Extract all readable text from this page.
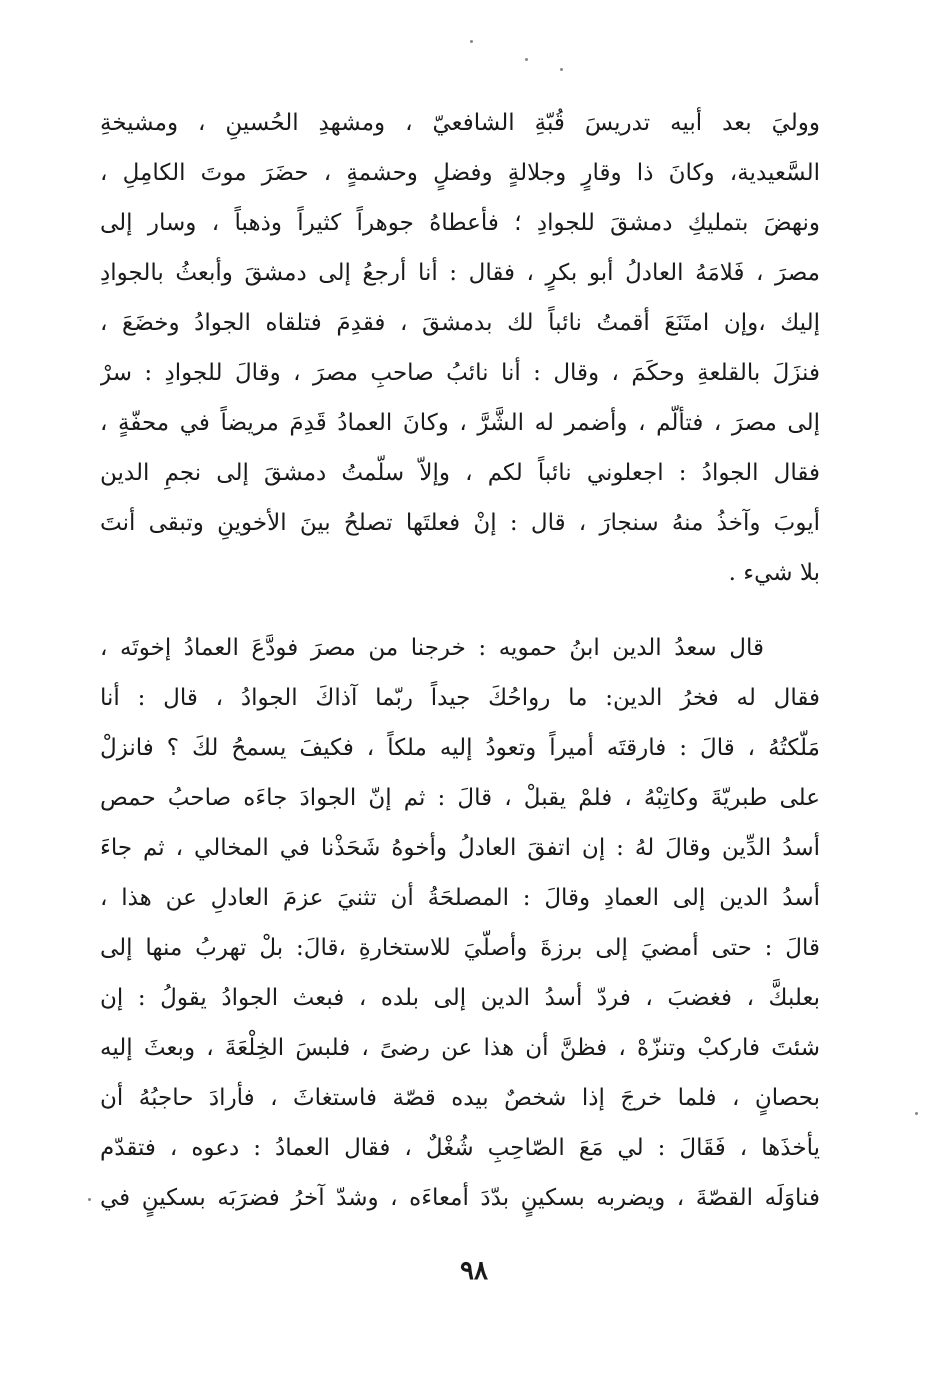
ووليَ بعد أبيه تدريسَ قُبّةِ الشافعيّ ، ومشهدِ الحُسينِ ، ومشيخةِ
السَّعيدية، وكانَ ذا وقارٍ وجلالةٍ وفضلٍ وحشمةٍ ، حضَرَ موتَ الكامِلِ ،
ونهضَ بتمليكِ دمشقَ للجوادِ ؛ فأعطاهُ جوهراً كثيراً وذهباً ، وسار إلى
مصرَ ، فَلامَهُ العادلُ أبو بكرٍ ، فقال : أنا أرجعُ إلى دمشقَ وأبعثُ بالجوادِ
إليك ،وإن امتَنَعَ أقمتُ نائباً لك بدمشقَ ، فقدِمَ فتلقاه الجوادُ وخضَعَ ،
فنزَلَ بالقلعةِ وحكَمَ ، وقال : أنا نائبُ صاحبِ مصرَ ، وقالَ للجوادِ : سرْ
إلى مصرَ ، فتألّم ، وأضمر له الشَّرَّ ، وكانَ العمادُ قَدِمَ مريضاً في محفّةٍ ،
فقال الجوادُ : اجعلوني نائباً لكم ، وإلاّ سلّمتُ دمشقَ إلى نجمِ الدين
أيوبَ وآخذُ منهُ سنجارَ ، قال : إنْ فعلتَها تصلحُ بينَ الأخوينِ وتبقى أنتَ
بلا شيء .
قال سعدُ الدين ابنُ حمويه : خرجنا من مصرَ فودَّعَ العمادُ إخوتَه ،
فقال له فخرُ الدين: ما رواحُكَ جيداً ربّما آذاكَ الجوادُ ، قال : أنا
مَلّكتُهُ ، قالَ : فارقتَه أميراً وتعودُ إليه ملكاً ، فكيفَ يسمحُ لكَ ؟ فانزلْ
على طبريّةَ وكاتِبْهُ ، فلمْ يقبلْ ، قالَ : ثم إنّ الجوادَ جاءَه صاحبُ حمص
أسدُ الدِّين وقالَ لهُ : إن اتفقَ العادلُ وأخوهُ شَحَذْنا في المخالي ، ثم جاءَ
أسدُ الدين إلى العمادِ وقالَ : المصلحَةُ أن تثنيَ عزمَ العادلِ عن هذا ،
قالَ : حتى أمضيَ إلى برزةَ وأصلّيَ للاستخارةِ ،قالَ: بلْ تهربُ منها إلى
بعلبكَّ ، فغضبَ ، فردّ أسدُ الدين إلى بلده ، فبعث الجوادُ يقولُ : إن
شئتَ فاركبْ وتنزّهْ ، فظنَّ أن هذا عن رضىً ، فلبسَ الخِلْعَةَ ، وبعثَ إليه
بحصانٍ ، فلما خرجَ إذا شخصٌ بيده قصّة فاستغاثَ ، فأرادَ حاجبُهُ أن
يأخذَها ، فَقَالَ : لي مَعَ الصّاحِبِ شُغْلٌ ، فقال العمادُ : دعوه ، فتقدّم
فناوَلَه القصّةَ ، ويضربه بسكينٍ بدّدَ أمعاءَه ، وشدّ آخرُ فضرَبَه بسكينٍ في
٩٨
